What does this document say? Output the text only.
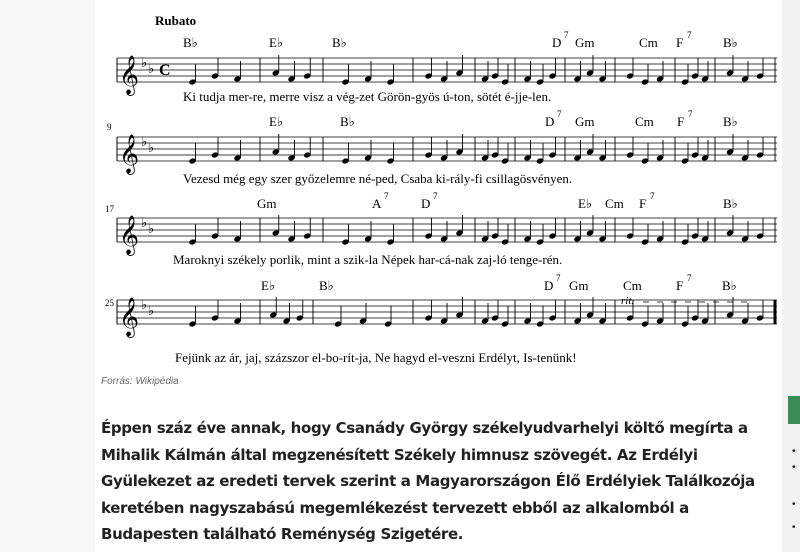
•
•
•
•
Rubato
B♭	E♭	B♭	D 7 Gm	Cm F 7 B♭
𝄞 ♭ ♭ C
Ki tudja mer-re, merre visz a vég-zet Görön-gyös ú-ton, sötét é-jje-len.
9	E♭	B♭	D 7 Gm	Cm F 7 B♭
𝄞 ♭ ♭
Vezesd még egy szer győzelemre né-ped, Csaba ki-rály-fi csillagösvényen.
17	Gm	A 7	D 7	E♭ Cm F 7	B♭
𝄞 ♭ ♭
Maroknyi székely porlik, mint a szik-la Népek har-cá-nak zaj-ló tenge-rén.
25
E♭	B♭	D 7 Gm	Cm	F 7 B♭
rit.
𝄞 ♭ ♭
Fejünk az ár, jaj, százszor el-bo-rít-ja, Ne hagyd el-veszni Erdélyt, Is-tenünk!
Forrás: Wikipédia
Éppen száz éve annak, hogy Csanády György székelyudvarhelyi költő megírta a Mihalik Kálmán által megzenésített Székely himnusz szövegét. Az Erdélyi Gyülekezet az eredeti tervek szerint a Magyarországon Élő Erdélyiek Találkozója keretében nagyszabású megemlékezést tervezett ebből az alkalomból a Budapesten található Reménység Szigetére.
